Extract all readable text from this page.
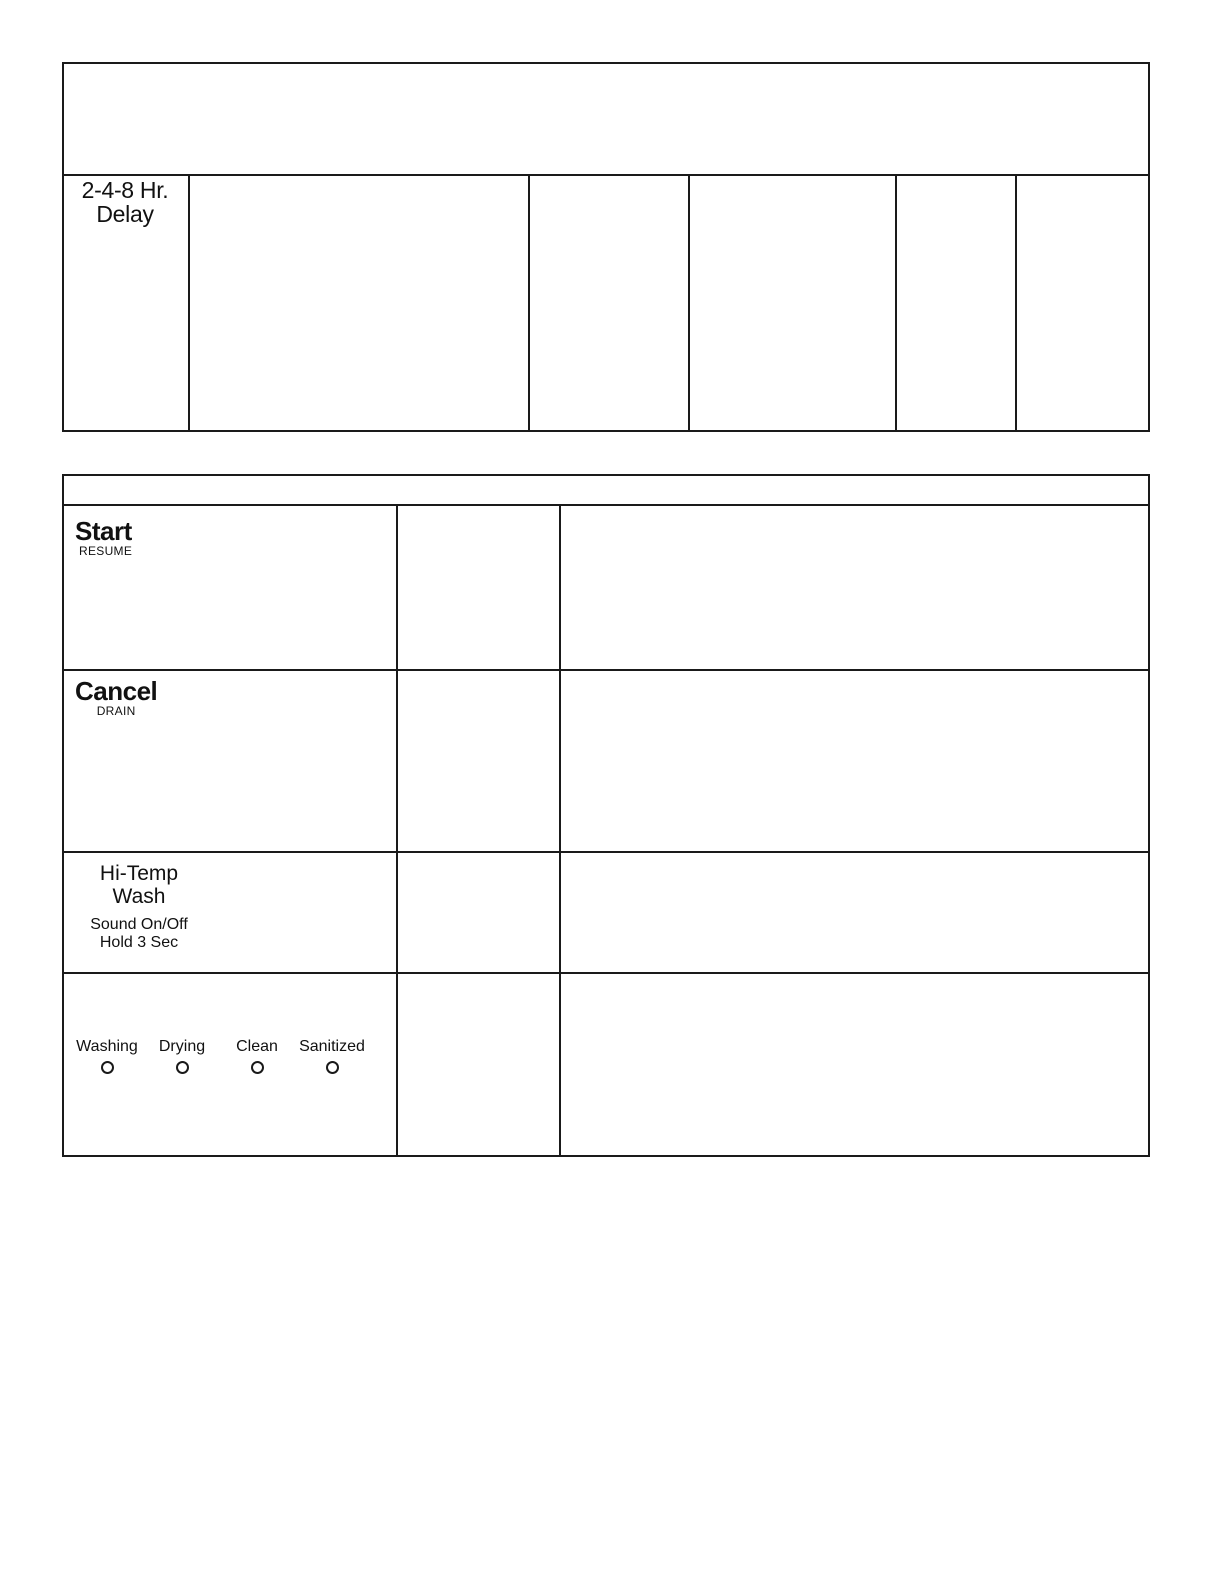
2-4-8 Hr.
Delay
Start
RESUME
Cancel
DRAIN
Hi-Temp
Wash
Sound On/Off
Hold 3 Sec
Washing	Drying	Clean	Sanitized
